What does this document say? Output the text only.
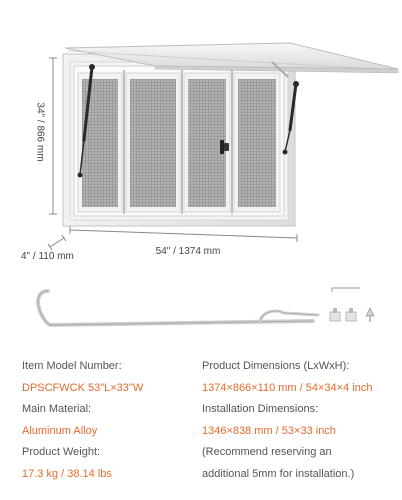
34" / 866 mm
54" / 1374 mm
4" / 110 mm
Item Model Number:
DPSCFWCK 53"L×33"W
Main Material:
Aluminum Alloy
Product Weight:
17.3 kg / 38.14 lbs
Product Dimensions (LxWxH):
1374×866×110 mm / 54×34×4 inch
Installation Dimensions:
1346×838 mm / 53×33 inch
(Recommend reserving an
additional 5mm for installation.)
